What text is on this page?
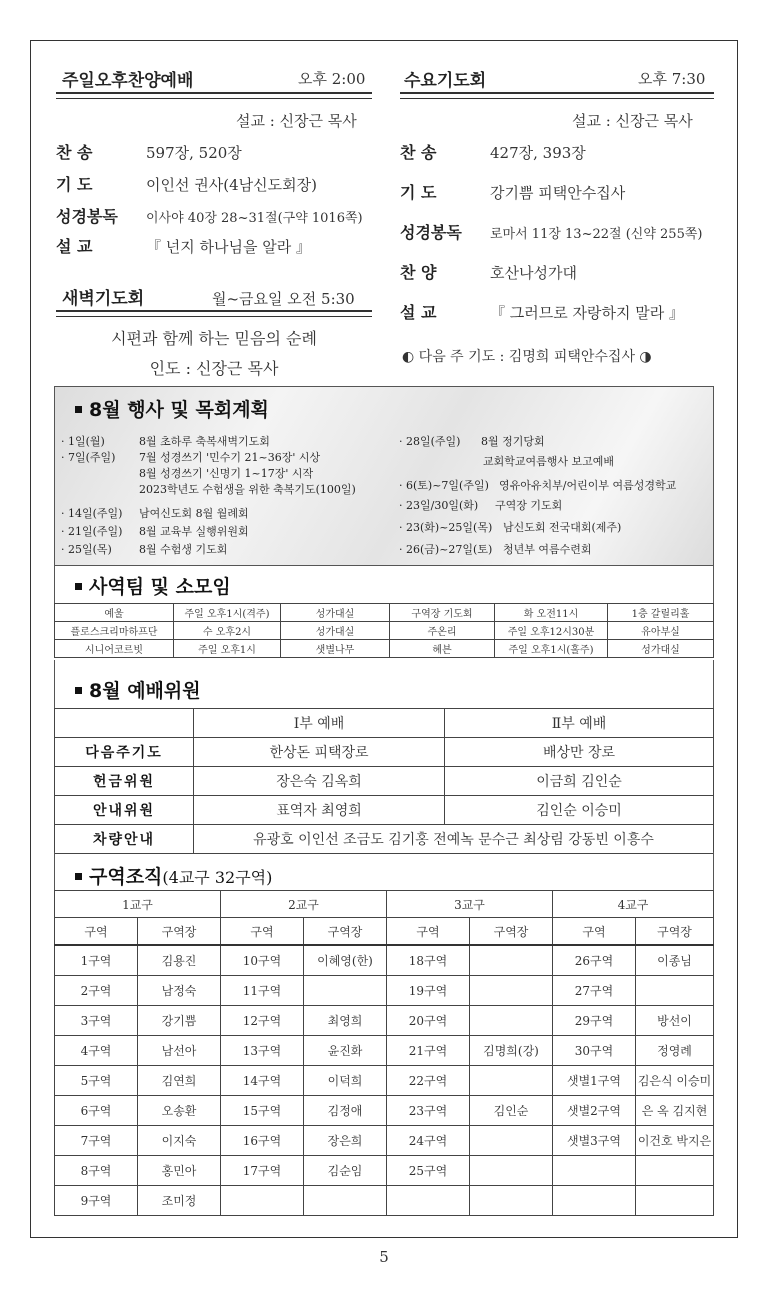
주일오후찬양예배	오후 2:00
설교 : 신장근 목사
찬 송	597장, 520장
기 도	이인선 권사(4남신도회장)
성경봉독	이사야 40장 28~31절(구약 1016쪽)
설 교	『 넌지 하나님을 알라 』
새벽기도회	월~금요일 오전 5:30
시편과 함께 하는 믿음의 순례
인도 : 신장근 목사
수요기도회	오후 7:30
설교 : 신장근 목사
찬 송	427장, 393장
기 도	강기쁨 피택안수집사
성경봉독	로마서 11장 13~22절 (신약 255쪽)
찬 양	호산나성가대
설 교	『 그러므로 자랑하지 말라 』
◐ 다음 주 기도 : 김명희 피택안수집사 ◑
8월 행사 및 목회계획
· 1일(월)	8월 초하루 축복새벽기도회
· 7일(주일) 7월 성경쓰기 '민수기 21~36장' 시상
8월 성경쓰기 '신명기 1~17장' 시작
2023학년도 수험생을 위한 축복기도(100일)
· 14일(주일) 남여신도회 8월 월례회
· 21일(주일) 8월 교육부 실행위원회
· 25일(목) 8월 수험생 기도회
· 28일(주일) 8월 정기당회
교회학교여름행사 보고예배
· 6(토)~7일(주일) 영유아유치부/어린이부 여름성경학교
· 23일/30일(화) 구역장 기도회
· 23(화)~25일(목) 남신도회 전국대회(제주)
· 26(금)~27일(토) 청년부 여름수련회
사역팀 및 소모임
예울	주일 오후1시(격주)	성가대실	구역장 기도회	화 오전11시	1층 갈릴리홀
플로스크리마하프단	수 오후2시	성가대실	주온리	주일 오후12시30분	유아부실
시니어코르빗	주일 오후1시	샛별나무	혜븐	주일 오후1시(홀주)	성가대실
8월 예배위원
	Ⅰ부 예배	Ⅱ부 예배
다음주기도	한상돈 피택장로	배상만 장로
헌금위원	장은숙 김옥희	이금희 김인순
안내위원	표역자 최영희	김인순 이승미
차량안내	유광호 이인선 조금도 김기홍 전예녹 문수근 최상림 강동빈 이흥수	
구역조직(4교구 32구역)
1교구		2교구		3교구		4교구	
구역	구역장	구역	구역장	구역	구역장	구역	구역장
1구역	김용진	10구역	이혜영(한)	18구역		26구역	이종님
2구역	남정숙	11구역		19구역		27구역	
3구역	강기쁨	12구역	최영희	20구역		29구역	방선이
4구역	남선아	13구역	윤진화	21구역	김명희(강)	30구역	정영례
5구역	김연희	14구역	이덕희	22구역		샛별1구역	김은식 이승미
6구역	오송환	15구역	김정애	23구역	김인순	샛별2구역	은 옥 김지현
7구역	이지숙	16구역	장은희	24구역		샛별3구역	이건호 박지은
8구역	홍민아	17구역	김순임	25구역			
9구역	조미정						
5
